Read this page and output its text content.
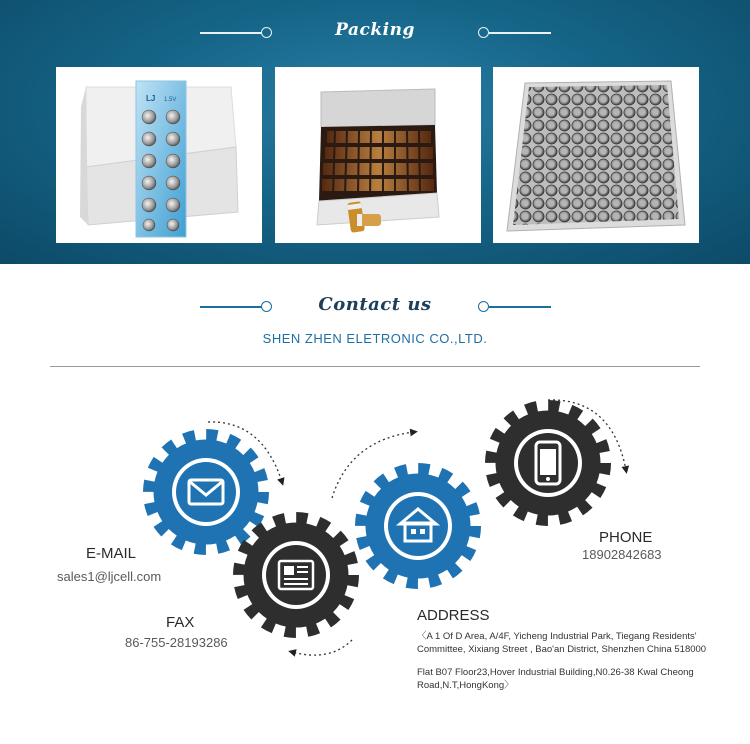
Packing
LJ 1.5V
Contact us
SHEN ZHEN ELETRONIC CO.,LTD.
E-MAIL
sales1@ljcell.com
FAX
86-755-28193286
PHONE
18902842683
ADDRESS
〈A 1 Of D Area, A/4F, Yicheng Industrial Park, Tiegang Residents'
Committee, Xixiang Street , Bao'an District, Shenzhen China 518000
Flat B07 Floor23,Hover Industrial Building,N0.26-38 Kwal Cheong
Road,N.T,HongKong〉
